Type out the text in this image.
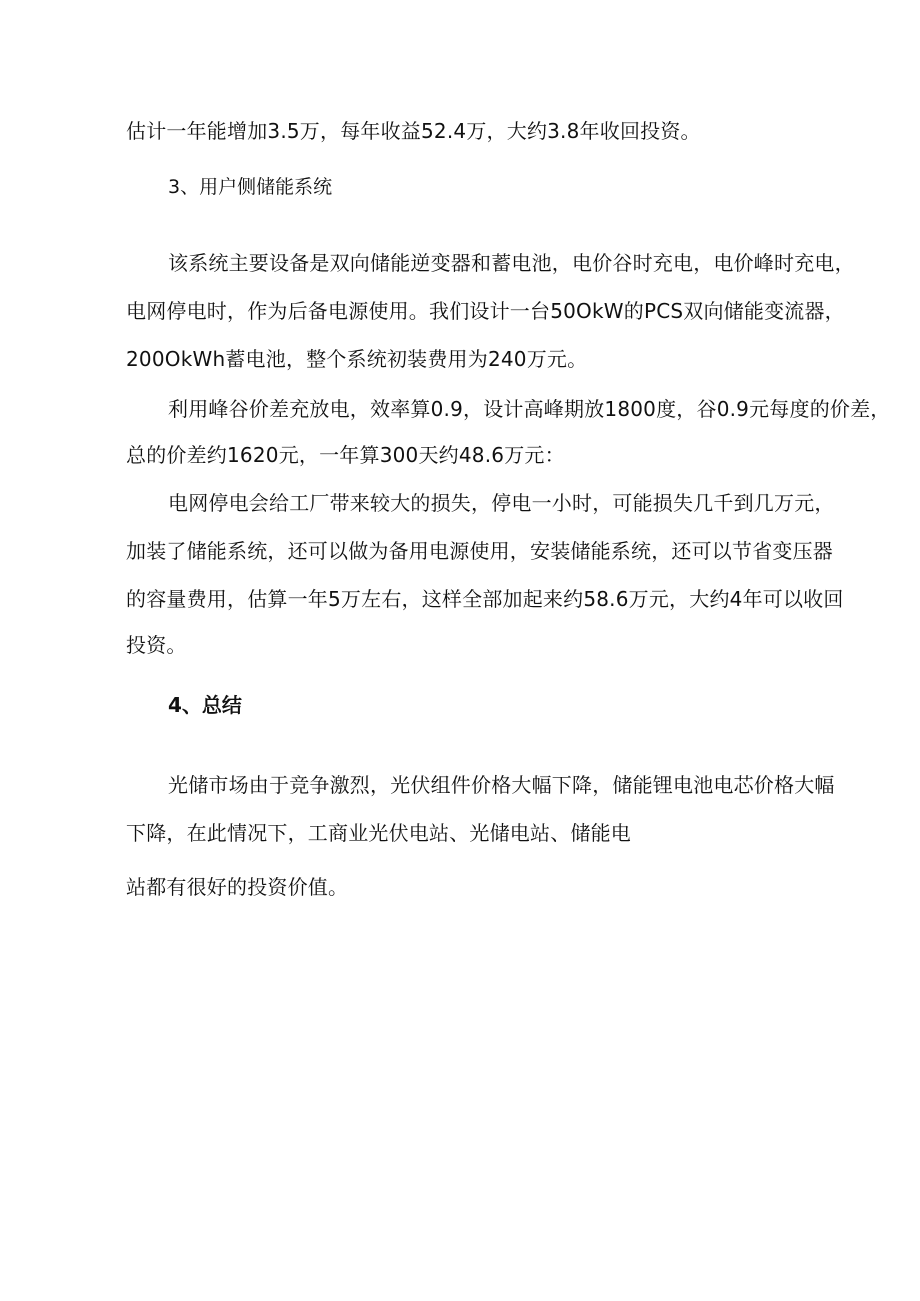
估计一年能增加3.5万，每年收益52.4万，大约3.8年收回投资。
3、用户侧储能系统
该系统主要设备是双向储能逆变器和蓄电池，电价谷时充电，电价峰时充电，
电网停电时，作为后备电源使用。我们设计一台50OkW的PCS双向储能变流器，
200OkWh蓄电池，整个系统初装费用为240万元。
利用峰谷价差充放电，效率算0.9，设计高峰期放1800度，谷0.9元每度的价差，
总的价差约1620元，一年算300天约48.6万元：
电网停电会给工厂带来较大的损失，停电一小时，可能损失几千到几万元，
加装了储能系统，还可以做为备用电源使用，安装储能系统，还可以节省变压器
的容量费用，估算一年5万左右，这样全部加起来约58.6万元，大约4年可以收回
投资。
4、总结
光储市场由于竞争激烈，光伏组件价格大幅下降，储能锂电池电芯价格大幅
下降，在此情况下，工商业光伏电站、光储电站、储能电
站都有很好的投资价值。
